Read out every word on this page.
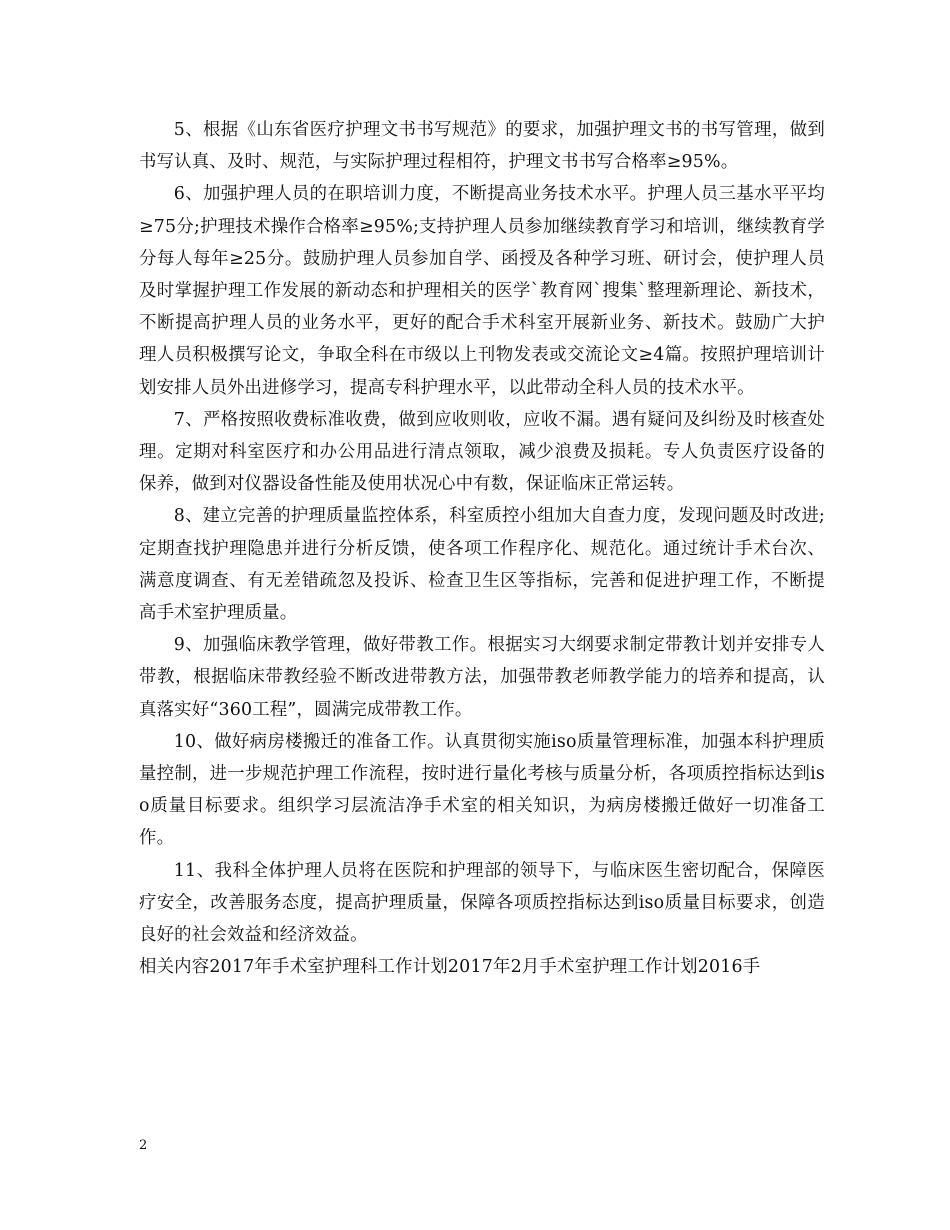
5、根据《山东省医疗护理文书书写规范》的要求，加强护理文书的书写管理，做到书写认真、及时、规范，与实际护理过程相符，护理文书书写合格率≥95%。

6、加强护理人员的在职培训力度，不断提高业务技术水平。护理人员三基水平平均≥75分;护理技术操作合格率≥95%;支持护理人员参加继续教育学习和培训，继续教育学分每人每年≥25分。鼓励护理人员参加自学、函授及各种学习班、研讨会，使护理人员及时掌握护理工作发展的新动态和护理相关的医学`教育网`搜集`整理新理论、新技术，不断提高护理人员的业务水平，更好的配合手术科室开展新业务、新技术。鼓励广大护理人员积极撰写论文，争取全科在市级以上刊物发表或交流论文≥4篇。按照护理培训计划安排人员外出进修学习，提高专科护理水平，以此带动全科人员的技术水平。

7、严格按照收费标准收费，做到应收则收，应收不漏。遇有疑问及纠纷及时核查处理。定期对科室医疗和办公用品进行清点领取，减少浪费及损耗。专人负责医疗设备的保养，做到对仪器设备性能及使用状况心中有数，保证临床正常运转。

8、建立完善的护理质量监控体系，科室质控小组加大自查力度，发现问题及时改进;定期查找护理隐患并进行分析反馈，使各项工作程序化、规范化。通过统计手术台次、满意度调查、有无差错疏忽及投诉、检查卫生区等指标，完善和促进护理工作，不断提高手术室护理质量。

9、加强临床教学管理，做好带教工作。根据实习大纲要求制定带教计划并安排专人带教，根据临床带教经验不断改进带教方法，加强带教老师教学能力的培养和提高，认真落实好“360工程”，圆满完成带教工作。

10、做好病房楼搬迁的准备工作。认真贯彻实施iso质量管理标准，加强本科护理质量控制，进一步规范护理工作流程，按时进行量化考核与质量分析，各项质控指标达到iso质量目标要求。组织学习层流洁净手术室的相关知识，为病房楼搬迁做好一切准备工作。

11、我科全体护理人员将在医院和护理部的领导下，与临床医生密切配合，保障医疗安全，改善服务态度，提高护理质量，保障各项质控指标达到iso质量目标要求，创造良好的社会效益和经济效益。

相关内容2017年手术室护理科工作计划2017年2月手术室护理工作计划2016手

2
